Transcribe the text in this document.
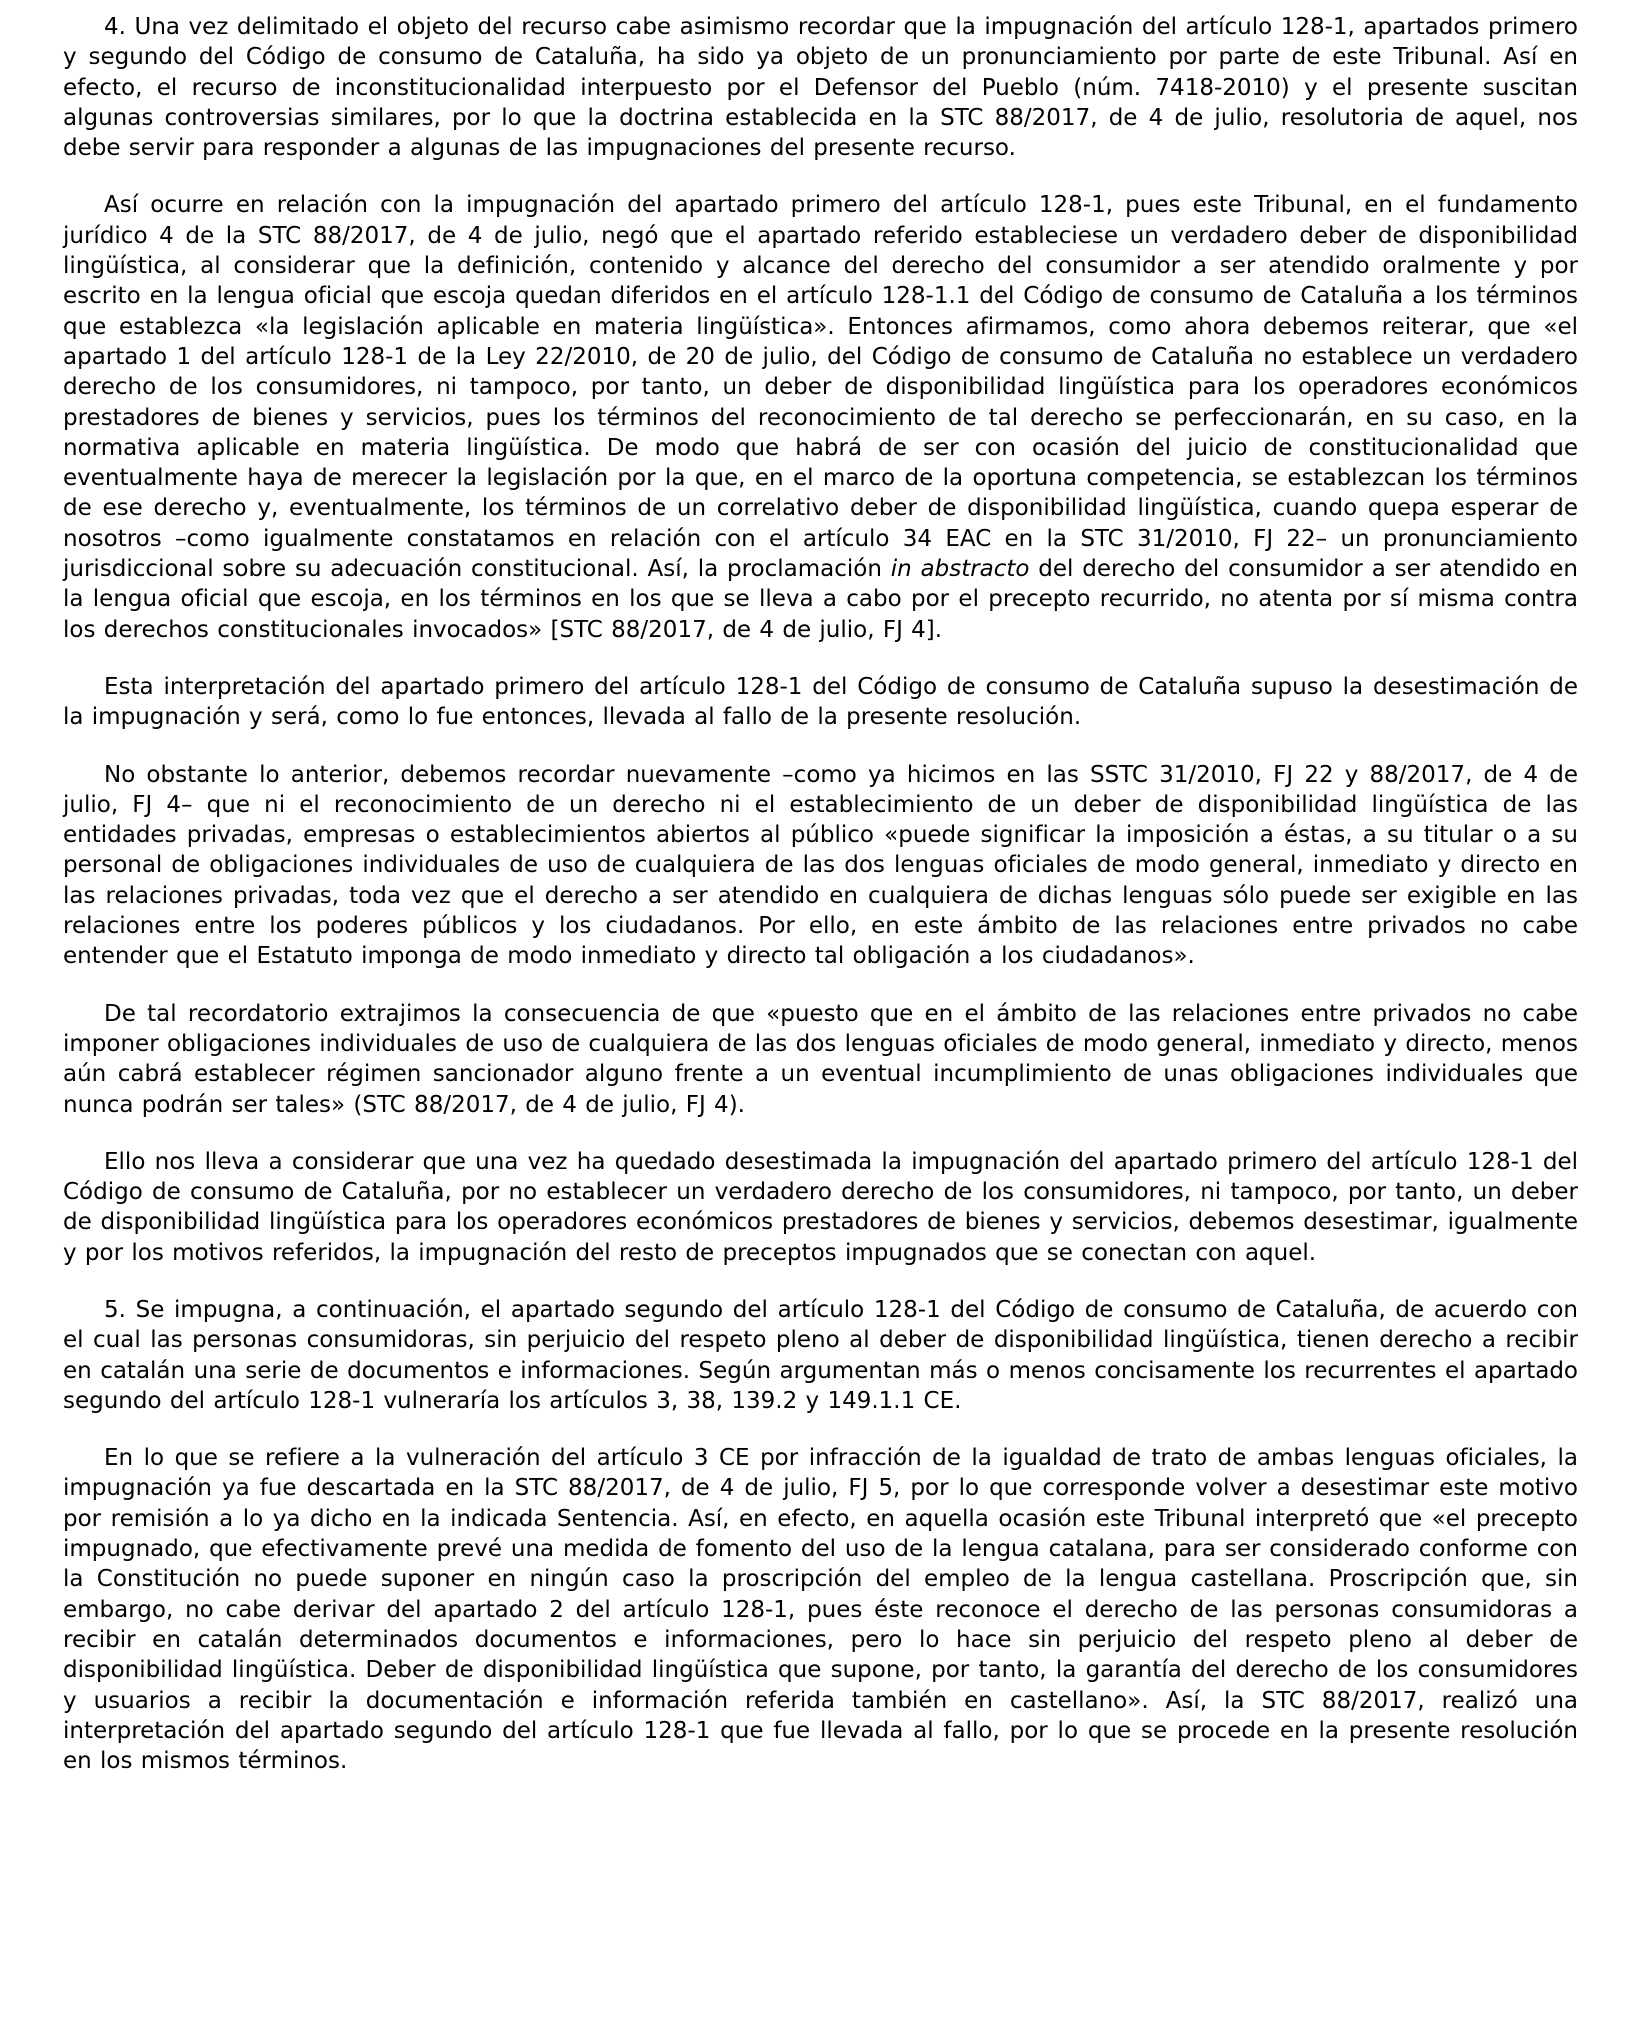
4. Una vez delimitado el objeto del recurso cabe asimismo recordar que la impugnación del artículo 128-1, apartados primero y segundo del Código de consumo de Cataluña, ha sido ya objeto de un pronunciamiento por parte de este Tribunal. Así en efecto, el recurso de inconstitucionalidad interpuesto por el Defensor del Pueblo (núm. 7418-2010) y el presente suscitan algunas controversias similares, por lo que la doctrina establecida en la STC 88/2017, de 4 de julio, resolutoria de aquel, nos debe servir para responder a algunas de las impugnaciones del presente recurso.

Así ocurre en relación con la impugnación del apartado primero del artículo 128-1, pues este Tribunal, en el fundamento jurídico 4 de la STC 88/2017, de 4 de julio, negó que el apartado referido estableciese un verdadero deber de disponibilidad lingüística, al considerar que la definición, contenido y alcance del derecho del consumidor a ser atendido oralmente y por escrito en la lengua oficial que escoja quedan diferidos en el artículo 128-1.1 del Código de consumo de Cataluña a los términos que establezca «la legislación aplicable en materia lingüística». Entonces afirmamos, como ahora debemos reiterar, que «el apartado 1 del artículo 128-1 de la Ley 22/2010, de 20 de julio, del Código de consumo de Cataluña no establece un verdadero derecho de los consumidores, ni tampoco, por tanto, un deber de disponibilidad lingüística para los operadores económicos prestadores de bienes y servicios, pues los términos del reconocimiento de tal derecho se perfeccionarán, en su caso, en la normativa aplicable en materia lingüística. De modo que habrá de ser con ocasión del juicio de constitucionalidad que eventualmente haya de merecer la legislación por la que, en el marco de la oportuna competencia, se establezcan los términos de ese derecho y, eventualmente, los términos de un correlativo deber de disponibilidad lingüística, cuando quepa esperar de nosotros –como igualmente constatamos en relación con el artículo 34 EAC en la STC 31/2010, FJ 22– un pronunciamiento jurisdiccional sobre su adecuación constitucional. Así, la proclamación in abstracto del derecho del consumidor a ser atendido en la lengua oficial que escoja, en los términos en los que se lleva a cabo por el precepto recurrido, no atenta por sí misma contra los derechos constitucionales invocados» [STC 88/2017, de 4 de julio, FJ 4].

Esta interpretación del apartado primero del artículo 128-1 del Código de consumo de Cataluña supuso la desestimación de la impugnación y será, como lo fue entonces, llevada al fallo de la presente resolución.

No obstante lo anterior, debemos recordar nuevamente –como ya hicimos en las SSTC 31/2010, FJ 22 y 88/2017, de 4 de julio, FJ 4– que ni el reconocimiento de un derecho ni el establecimiento de un deber de disponibilidad lingüística de las entidades privadas, empresas o establecimientos abiertos al público «puede significar la imposición a éstas, a su titular o a su personal de obligaciones individuales de uso de cualquiera de las dos lenguas oficiales de modo general, inmediato y directo en las relaciones privadas, toda vez que el derecho a ser atendido en cualquiera de dichas lenguas sólo puede ser exigible en las relaciones entre los poderes públicos y los ciudadanos. Por ello, en este ámbito de las relaciones entre privados no cabe entender que el Estatuto imponga de modo inmediato y directo tal obligación a los ciudadanos».

De tal recordatorio extrajimos la consecuencia de que «puesto que en el ámbito de las relaciones entre privados no cabe imponer obligaciones individuales de uso de cualquiera de las dos lenguas oficiales de modo general, inmediato y directo, menos aún cabrá establecer régimen sancionador alguno frente a un eventual incumplimiento de unas obligaciones individuales que nunca podrán ser tales» (STC 88/2017, de 4 de julio, FJ 4).

Ello nos lleva a considerar que una vez ha quedado desestimada la impugnación del apartado primero del artículo 128-1 del Código de consumo de Cataluña, por no establecer un verdadero derecho de los consumidores, ni tampoco, por tanto, un deber de disponibilidad lingüística para los operadores económicos prestadores de bienes y servicios, debemos desestimar, igualmente y por los motivos referidos, la impugnación del resto de preceptos impugnados que se conectan con aquel.

5. Se impugna, a continuación, el apartado segundo del artículo 128-1 del Código de consumo de Cataluña, de acuerdo con el cual las personas consumidoras, sin perjuicio del respeto pleno al deber de disponibilidad lingüística, tienen derecho a recibir en catalán una serie de documentos e informaciones. Según argumentan más o menos concisamente los recurrentes el apartado segundo del artículo 128-1 vulneraría los artículos 3, 38, 139.2 y 149.1.1 CE.

En lo que se refiere a la vulneración del artículo 3 CE por infracción de la igualdad de trato de ambas lenguas oficiales, la impugnación ya fue descartada en la STC 88/2017, de 4 de julio, FJ 5, por lo que corresponde volver a desestimar este motivo por remisión a lo ya dicho en la indicada Sentencia. Así, en efecto, en aquella ocasión este Tribunal interpretó que «el precepto impugnado, que efectivamente prevé una medida de fomento del uso de la lengua catalana, para ser considerado conforme con la Constitución no puede suponer en ningún caso la proscripción del empleo de la lengua castellana. Proscripción que, sin embargo, no cabe derivar del apartado 2 del artículo 128-1, pues éste reconoce el derecho de las personas consumidoras a recibir en catalán determinados documentos e informaciones, pero lo hace sin perjuicio del respeto pleno al deber de disponibilidad lingüística. Deber de disponibilidad lingüística que supone, por tanto, la garantía del derecho de los consumidores y usuarios a recibir la documentación e información referida también en castellano». Así, la STC 88/2017, realizó una interpretación del apartado segundo del artículo 128-1 que fue llevada al fallo, por lo que se procede en la presente resolución en los mismos términos.
